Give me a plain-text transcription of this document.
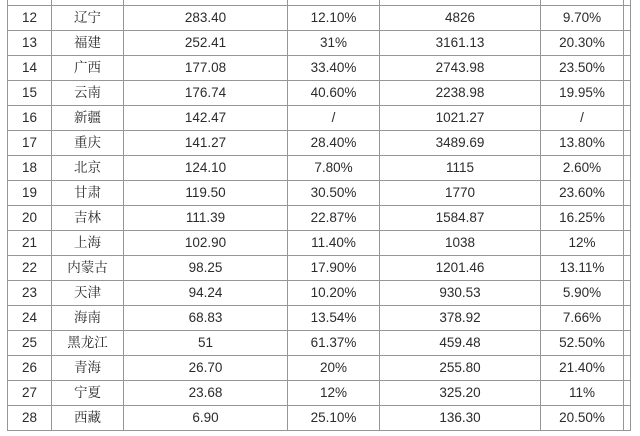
12	辽宁	283.40	12.10%	4826	9.70%	
13	福建	252.41	31%	3161.13	20.30%	
14	广西	177.08	33.40%	2743.98	23.50%	
15	云南	176.74	40.60%	2238.98	19.95%	
16	新疆	142.47	/	1021.27	/	
17	重庆	141.27	28.40%	3489.69	13.80%	
18	北京	124.10	7.80%	1115	2.60%	
19	甘肃	119.50	30.50%	1770	23.60%	
20	吉林	111.39	22.87%	1584.87	16.25%	
21	上海	102.90	11.40%	1038	12%	
22	内蒙古	98.25	17.90%	1201.46	13.11%	
23	天津	94.24	10.20%	930.53	5.90%	
24	海南	68.83	13.54%	378.92	7.66%	
25	黑龙江	51	61.37%	459.48	52.50%	
26	青海	26.70	20%	255.80	21.40%	
27	宁夏	23.68	12%	325.20	11%	
28	西藏	6.90	25.10%	136.30	20.50%	
